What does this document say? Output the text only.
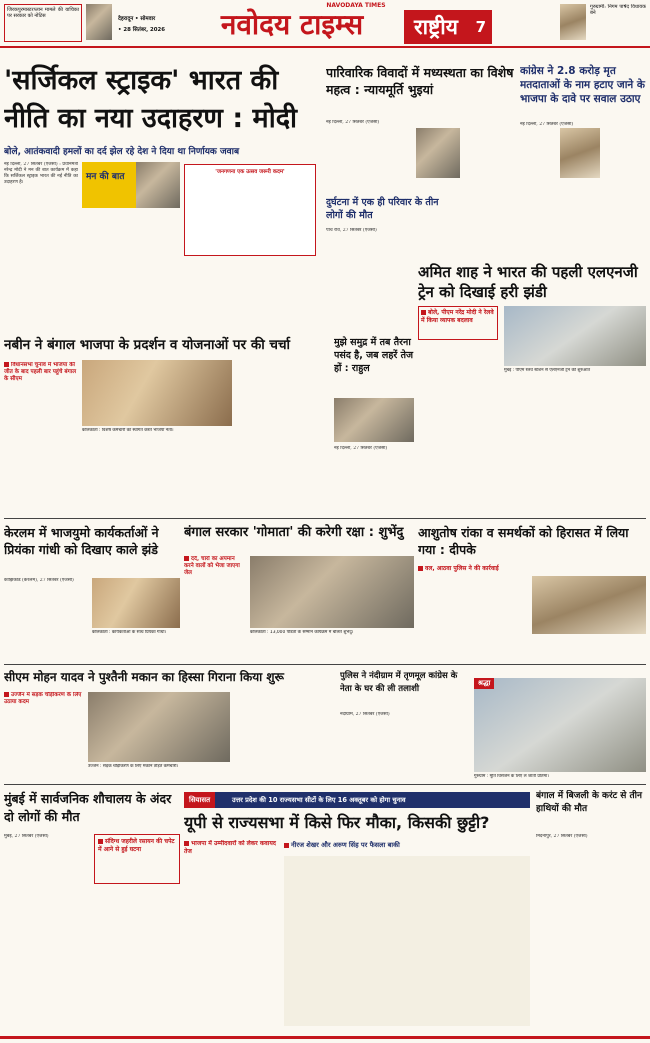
जिरकपुरमास्टरप्लान मामले की याचिका पर सरकार को नोटिस
NAVODAYA TIMES
नवोदय टाइम्स
देहरादून • सोमवार
• 28 सितंबर, 2026	राष्ट्रीय 7
गुरुग्रामी: निगम पार्षद विधायक बने
'सर्जिकल स्ट्राइक' भारत की
नीति का नया उदाहरण : मोदी
बोले, आतंकवादी हमलों का दर्द झेल रहे देश ने दिया था निर्णायक जवाब
नई दिल्ली, 27 सितंबर (एजेंसी) : प्रधानमंत्री नरेन्द्र मोदी ने मन की बात कार्यक्रम में कहा कि सर्जिकल स्ट्राइक भारत की नई नीति का उदाहरण है।
मन की बात	'जनगणना एक उत्सव जरूरी कदम'
पारिवारिक विवादों में मध्यस्थता का विशेष महत्व : न्यायमूर्ति भुइयां
नई दिल्ली, 27 सितंबर (एजेंसी)
दुर्घटना में एक ही परिवार के तीन लोगों की मौत
पांच रवि, 27 सितंबर (एजेंसी)
कांग्रेस ने 2.8 करोड़ मृत मतदाताओं के नाम हटाए जाने के भाजपा के दावे पर सवाल उठाए
नई दिल्ली, 27 सितंबर (एजेंसी)
अमित शाह ने भारत की पहली एलएनजी ट्रेन को दिखाई हरी झंडी
बोले, पीएम नरेंद्र मोदी ने रेलवे में किया व्यापक बदलाव
मुंबई : पीएम रेलवे स्टेशन से एलएनजी ट्रेन की शुरुआत
नबीन ने बंगाल भाजपा के प्रदर्शन व योजनाओं पर की चर्चा
विधानसभा चुनाव में भाजपा की जीत के बाद पहली बार पहुंचे बंगाल के सीएम
कोलकाता : विशेष कर्मचारी का स्वागत करते भाजपा नेता।
मुझे समुद्र में तब तैरना पसंद है, जब लहरें तेज हों : राहुल
नई दिल्ली, 27 सितंबर (एजेंसी)
केरलम में भाजयुमो कार्यकर्ताओं ने प्रियंका गांधी को दिखाए काले झंडे
कोझिकोड (केरलम), 27 सितंबर (एजेंसी)
कोलकाता : कार्यकर्ताओं के साथ प्रियंका गांधी।
बंगाल सरकार 'गोमाता' की करेगी रक्षा : शुभेंदु
दर्द, चारों का अपमान करने वालों को भेजा जाएगा जेल
कोलकाता : 13,000 पंडितों के सम्मान कार्यक्रम में बोलते शुभेंदु।
आशुतोष रांका व समर्थकों को हिरासत में लिया गया : दीपके
वल, आठवा पुलिस ने की कार्रवाई
सीएम मोहन यादव ने पुश्तैनी मकान का हिस्सा गिराना किया शुरू
उज्जैन में सड़क चौड़ीकरण के लिए उठाया कदम
उज्जैन : सड़क चौड़ीकरण के लिए मकान तोड़ते कर्मचारी।
पुलिस ने नंदीग्राम में तृणमूल कांग्रेस के नेता के घर की ली तलाशी
नंदीग्राम, 27 सितंबर (एजेंसी)
श्रद्धा
गुरुग्राम : मूर्ति विसर्जन के लिए ले जाती प्रतिमा।
मुंबई में सार्वजनिक शौचालय के अंदर दो लोगों की मौत
मुंबई, 27 सितंबर (एजेंसी)
संदिग्ध जहरीले रसायन की चपेट में आने से हुई घटना
सियासत	उत्तर प्रदेश की 10 राज्यसभा सीटों के लिए 16 अक्तूबर को होगा चुनाव
यूपी से राज्यसभा में किसे फिर मौका, किसकी छुट्टी?
भाजपा में उम्मीदवारों को लेकर कवायद तेज
नीरज शेखर और अरुण सिंह पर फैसला बाकी
बंगाल में बिजली के करंट से तीन हाथियों की मौत
मिदनापुर, 27 सितंबर (एजेंसी)
